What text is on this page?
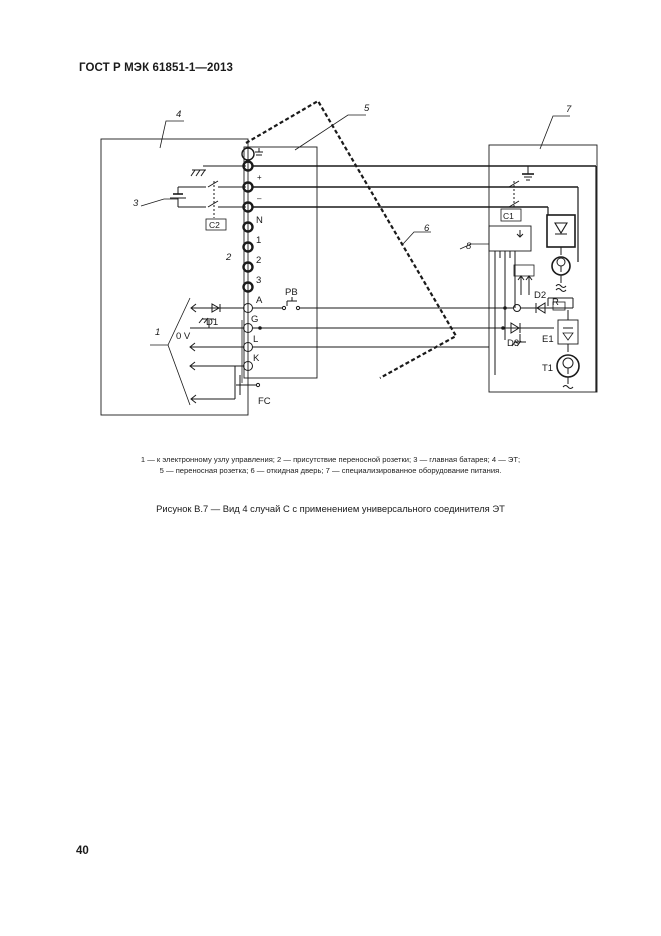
ГОСТ Р МЭК 61851-1—2013
4
5	7
3
2
6
8
1
+
–
N
1
2
3
A
G
L
K
C2
C1
D1
0 V
PB
FC
D2
R
D3 E1
T1
1 — к электронному узлу управления; 2 — присутствие переносной розетки; 3 — главная батарея; 4 — ЭТ;
5 — переносная розетка; 6 — откидная дверь; 7 — специализированное оборудование питания.
Рисунок В.7 — Вид 4 случай С с применением универсального соединителя ЭТ
40
